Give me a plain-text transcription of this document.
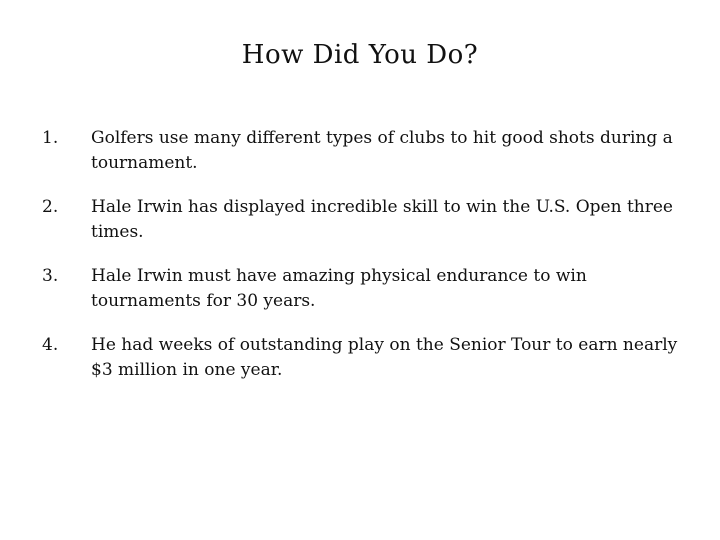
How Did You Do?
1. Golfers use many different types of clubs to hit good shots during a tournament.
2. Hale Irwin has displayed incredible skill to win the U.S. Open three times.
3. Hale Irwin must have amazing physical endurance to win tournaments for 30 years.
4. He had weeks of outstanding play on the Senior Tour to earn nearly $3 million in one year.
